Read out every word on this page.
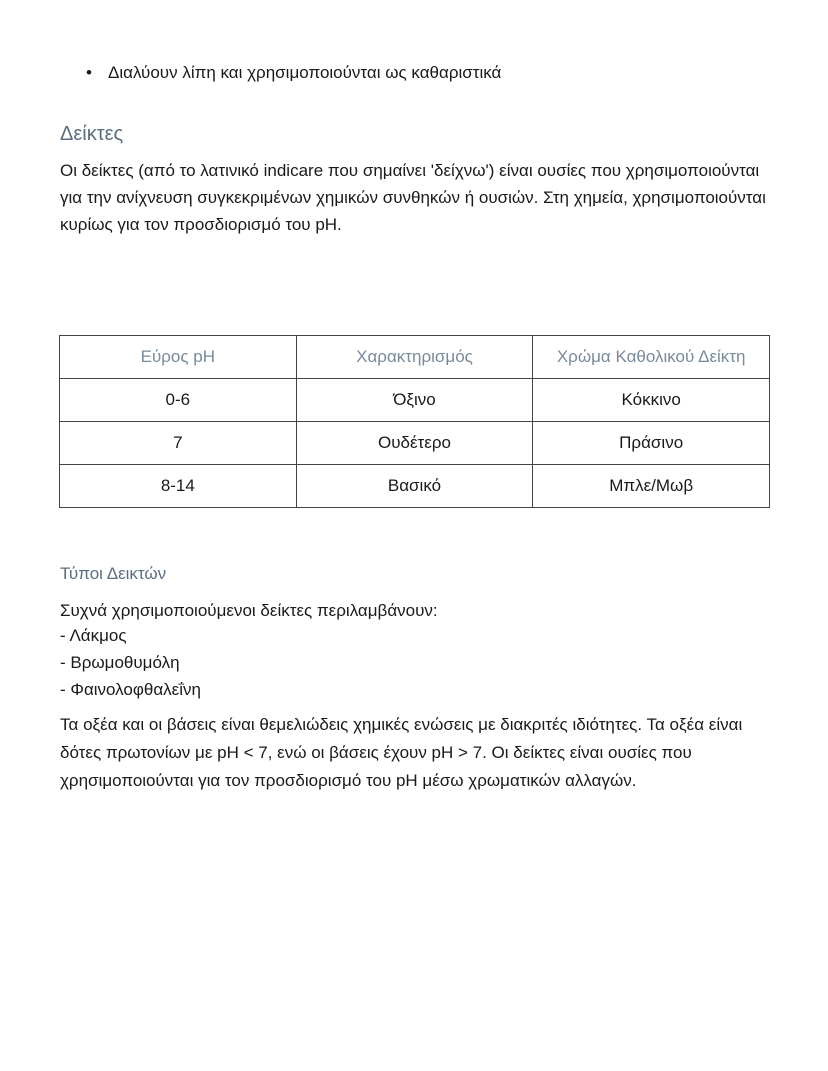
• Διαλύουν λίπη και χρησιμοποιούνται ως καθαριστικά
Δείκτες

Οι δείκτες (από το λατινικό indicare που σημαίνει 'δείχνω') είναι ουσίες που χρησιμοποιούνται για την ανίχνευση συγκεκριμένων χημικών συνθηκών ή ουσιών. Στη χημεία, χρησιμοποιούνται κυρίως για τον προσδιορισμό του pH.

Εύρος pH	Χαρακτηρισμός	Χρώμα Καθολικού Δείκτη
0-6	Όξινο	Κόκκινο
7	Ουδέτερο	Πράσινο
8-14	Βασικό	Μπλε/Μωβ
Τύποι Δεικτών

Συχνά χρησιμοποιούμενοι δείκτες περιλαμβάνουν:

- Λάκμος
- Βρωμοθυμόλη
- Φαινολοφθαλεΐνη

Τα οξέα και οι βάσεις είναι θεμελιώδεις χημικές ενώσεις με διακριτές ιδιότητες. Τα οξέα είναι δότες πρωτονίων με pH < 7, ενώ οι βάσεις έχουν pH > 7. Οι δείκτες είναι ουσίες που χρησιμοποιούνται για τον προσδιορισμό του pH μέσω χρωματικών αλλαγών.
